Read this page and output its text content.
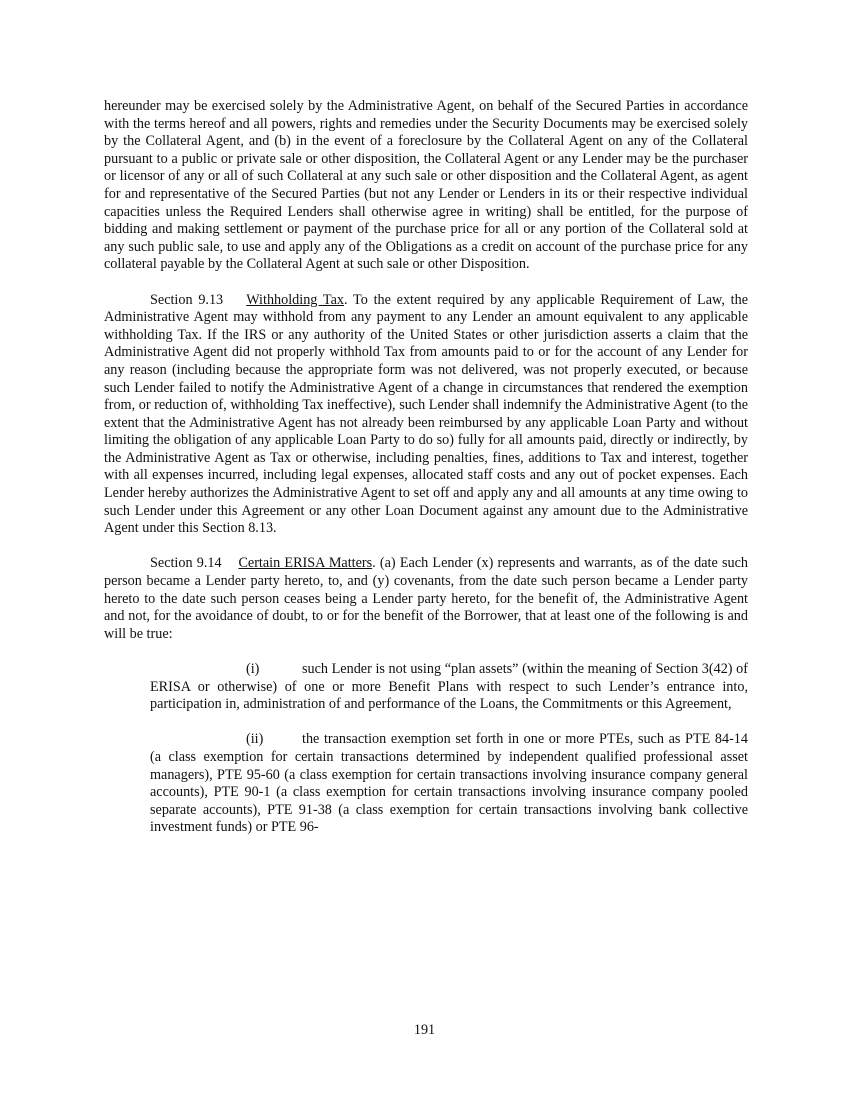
hereunder may be exercised solely by the Administrative Agent, on behalf of the Secured Parties in accordance with the terms hereof and all powers, rights and remedies under the Security Documents may be exercised solely by the Collateral Agent, and (b) in the event of a foreclosure by the Collateral Agent on any of the Collateral pursuant to a public or private sale or other disposition, the Collateral Agent or any Lender may be the purchaser or licensor of any or all of such Collateral at any such sale or other disposition and the Collateral Agent, as agent for and representative of the Secured Parties (but not any Lender or Lenders in its or their respective individual capacities unless the Required Lenders shall otherwise agree in writing) shall be entitled, for the purpose of bidding and making settlement or payment of the purchase price for all or any portion of the Collateral sold at any such public sale, to use and apply any of the Obligations as a credit on account of the purchase price for any collateral payable by the Collateral Agent at such sale or other Disposition.

Section 9.13 Withholding Tax. To the extent required by any applicable Requirement of Law, the Administrative Agent may withhold from any payment to any Lender an amount equivalent to any applicable withholding Tax. If the IRS or any authority of the United States or other jurisdiction asserts a claim that the Administrative Agent did not properly withhold Tax from amounts paid to or for the account of any Lender for any reason (including because the appropriate form was not delivered, was not properly executed, or because such Lender failed to notify the Administrative Agent of a change in circumstances that rendered the exemption from, or reduction of, withholding Tax ineffective), such Lender shall indemnify the Administrative Agent (to the extent that the Administrative Agent has not already been reimbursed by any applicable Loan Party and without limiting the obligation of any applicable Loan Party to do so) fully for all amounts paid, directly or indirectly, by the Administrative Agent as Tax or otherwise, including penalties, fines, additions to Tax and interest, together with all expenses incurred, including legal expenses, allocated staff costs and any out of pocket expenses. Each Lender hereby authorizes the Administrative Agent to set off and apply any and all amounts at any time owing to such Lender under this Agreement or any other Loan Document against any amount due to the Administrative Agent under this Section 8.13.

Section 9.14 Certain ERISA Matters. (a) Each Lender (x) represents and warrants, as of the date such person became a Lender party hereto, to, and (y) covenants, from the date such person became a Lender party hereto to the date such person ceases being a Lender party hereto, for the benefit of, the Administrative Agent and not, for the avoidance of doubt, to or for the benefit of the Borrower, that at least one of the following is and will be true:

(i)	such Lender is not using “plan assets” (within the meaning of Section 3(42) of ERISA or otherwise) of one or more Benefit Plans with respect to such Lender’s entrance into, participation in, administration of and performance of the Loans, the Commitments or this Agreement,

(ii)	the transaction exemption set forth in one or more PTEs, such as PTE 84-14 (a class exemption for certain transactions determined by independent qualified professional asset managers), PTE 95-60 (a class exemption for certain transactions involving insurance company general accounts), PTE 90-1 (a class exemption for certain transactions involving insurance company pooled separate accounts), PTE 91-38 (a class exemption for certain transactions involving bank collective investment funds) or PTE 96-

191
